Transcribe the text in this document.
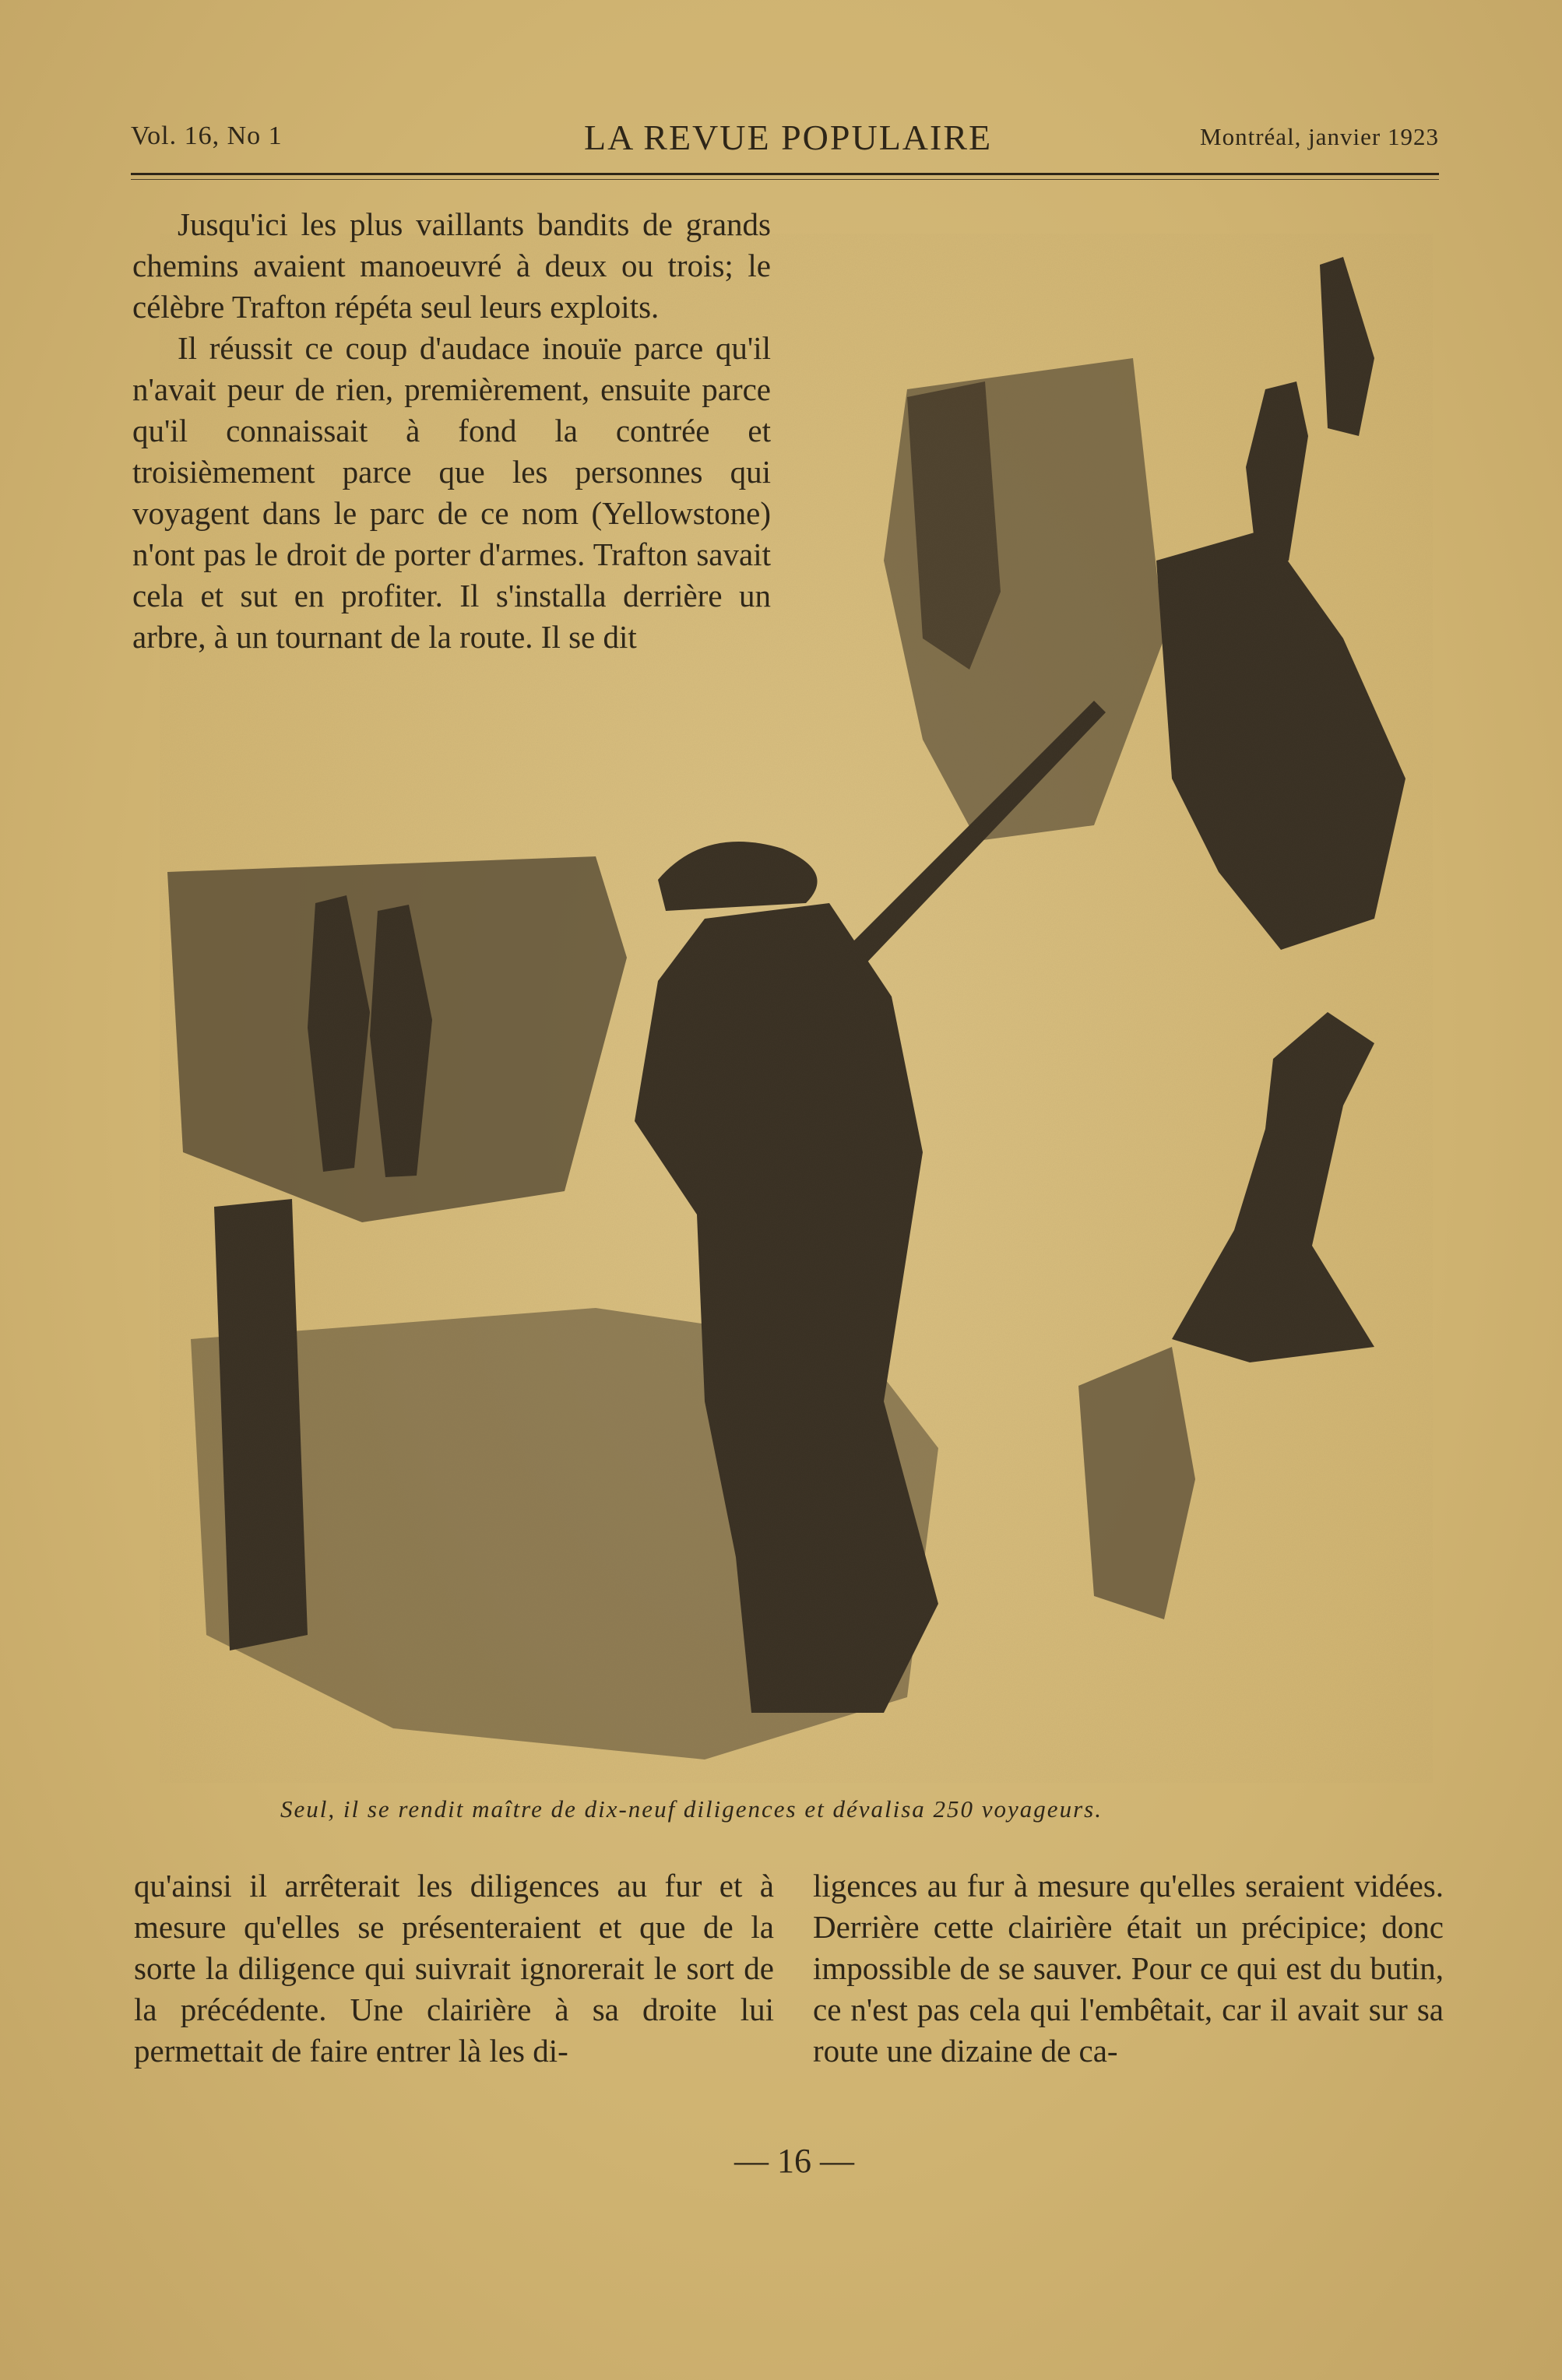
Vol. 16, No 1	LA REVUE POPULAIRE	Montréal, janvier 1923

Jusqu'ici les plus vaillants bandits de grands chemins avaient manoeuvré à deux ou trois; le célèbre Trafton répéta seul leurs exploits.

Il réussit ce coup d'audace inouïe parce qu'il n'avait peur de rien, premièrement, ensuite parce qu'il connaissait à fond la contrée et troisièmement parce que les personnes qui voyagent dans le parc de ce nom (Yellowstone) n'ont pas le droit de porter d'armes. Trafton savait cela et sut en profiter. Il s'installa derrière un arbre, à un tournant de la route. Il se dit

Seul, il se rendit maître de dix-neuf diligences et dévalisa 250 voyageurs.

qu'ainsi il arrêterait les diligences au fur et à mesure qu'elles se présenteraient et que de la sorte la diligence qui suivrait ignorerait le sort de la précédente. Une clairière à sa droite lui permettait de faire entrer là les di-

ligences au fur à mesure qu'elles seraient vidées. Derrière cette clairière était un précipice; donc impossible de se sauver. Pour ce qui est du butin, ce n'est pas cela qui l'embêtait, car il avait sur sa route une dizaine de ca-

— 16 —
